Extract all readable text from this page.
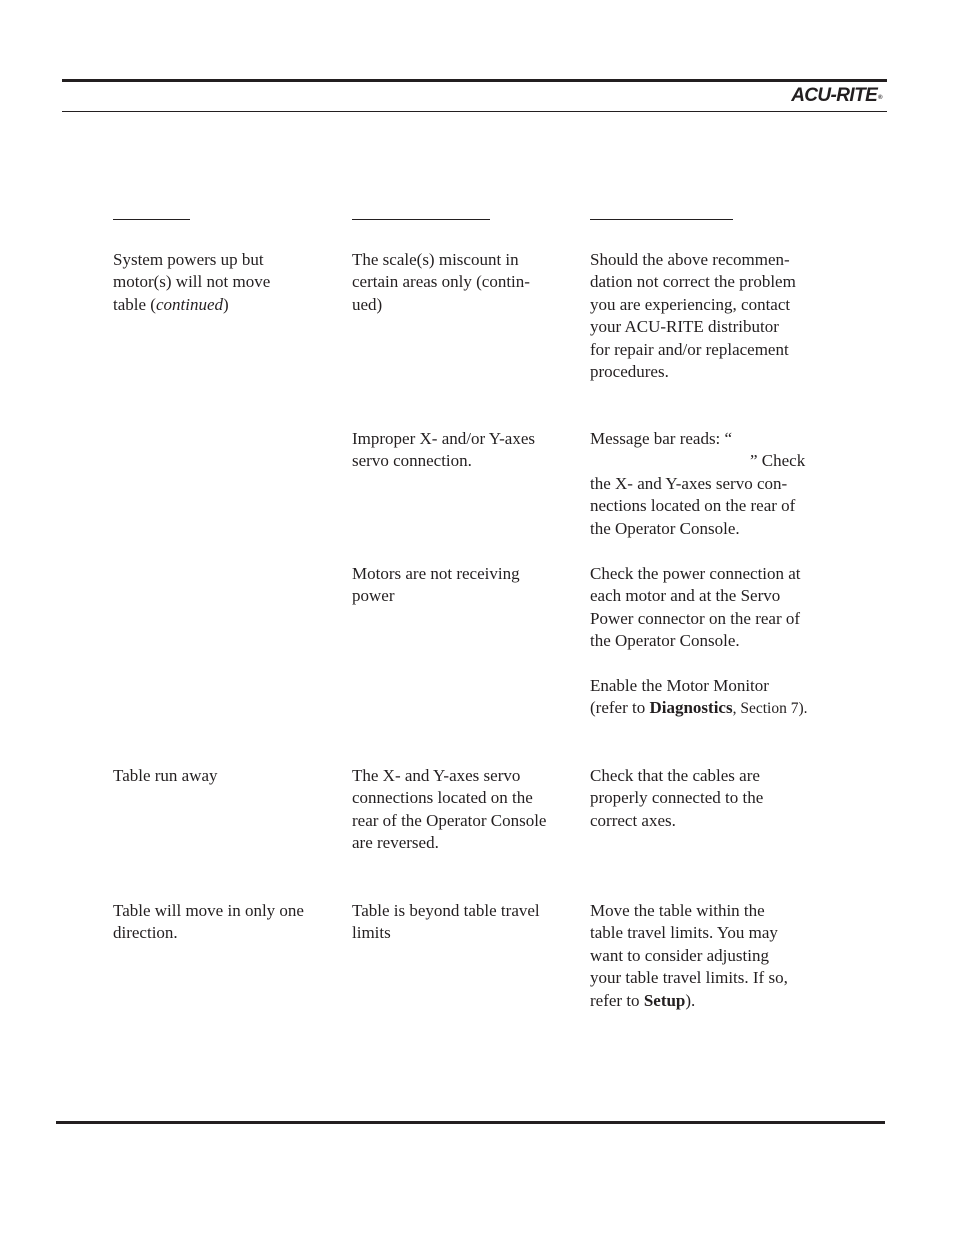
ACU-RITE®
System powers up but
motor(s) will not move
table (continued)
The scale(s) miscount in
certain areas only (contin-
ued)
Should the above recommen-
dation not correct the problem
you are experiencing, contact
your ACU-RITE distributor
for repair and/or replacement
procedures.
Improper X- and/or Y-axes
servo connection.
Message bar reads: “
” Check
the X- and Y-axes servo con-
nections located on the rear of
the Operator Console.
Motors are not receiving
power
Check the power connection at
each motor and at the Servo
Power connector on the rear of
the Operator Console.
Enable the Motor Monitor
(refer to Diagnostics, Section 7).
Table run away	The X- and Y-axes servo
connections located on the
rear of the Operator Console
are reversed.
Check that the cables are
properly connected to the
correct axes.
Table will move in only one
direction.
Table is beyond table travel
limits
Move the table within the
table travel limits. You may
want to consider adjusting
your table travel limits. If so,
refer to Setup).
